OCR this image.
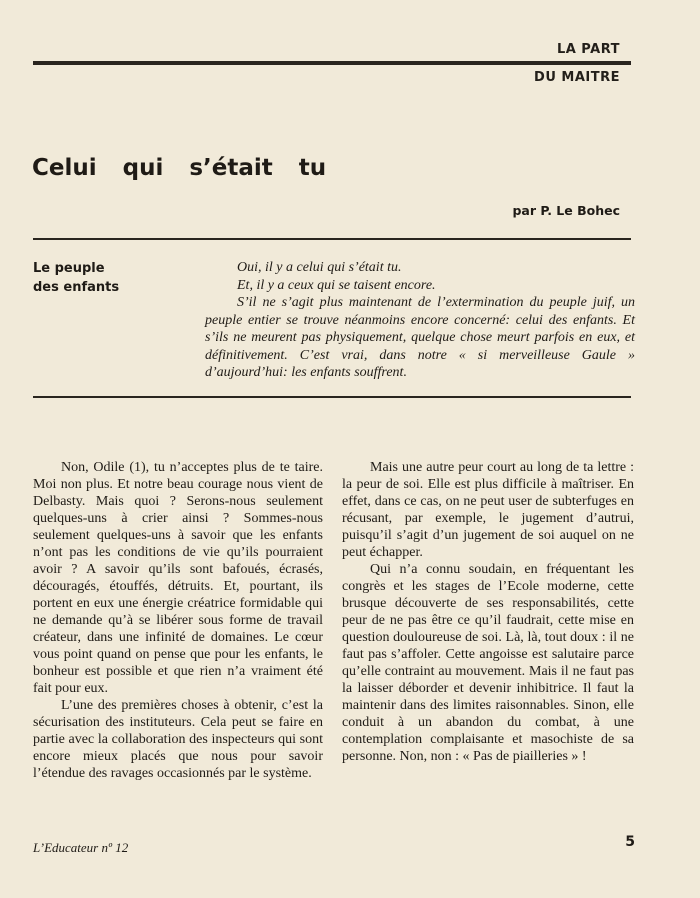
LA PART
DU MAITRE
Celui qui s’était tu
par P. Le Bohec
Le peuple
des enfants

Oui, il y a celui qui s’était tu.

Et, il y a ceux qui se taisent encore.

S’il ne s’agit plus maintenant de l’extermination du peuple juif, un peuple entier se trouve néanmoins encore concerné: celui des enfants. Et s’ils ne meurent pas physiquement, quelque chose meurt parfois en eux, et définitivement. C’est vrai, dans notre « si merveilleuse Gaule » d’aujourd’hui: les enfants souffrent.

Non, Odile (1), tu n’acceptes plus de te taire. Moi non plus. Et notre beau courage nous vient de Delbasty. Mais quoi ? Serons-nous seulement quelques-uns à crier ainsi ? Sommes-nous seulement quelques-uns à savoir que les enfants n’ont pas les conditions de vie qu’ils pourraient avoir ? A savoir qu’ils sont bafoués, écrasés, découragés, étouffés, détruits. Et, pourtant, ils portent en eux une énergie créatrice formidable qui ne demande qu’à se libérer sous forme de travail créateur, dans une infinité de domaines. Le cœur vous point quand on pense que pour les enfants, le bonheur est possible et que rien n’a vraiment été fait pour eux.

L’une des premières choses à obtenir, c’est la sécurisation des instituteurs. Cela peut se faire en partie avec la collaboration des inspecteurs qui sont encore mieux placés que nous pour savoir l’étendue des ravages occasionnés par le système.

Mais une autre peur court au long de ta lettre : la peur de soi. Elle est plus difficile à maîtriser. En effet, dans ce cas, on ne peut user de subterfuges en récusant, par exemple, le jugement d’autrui, puisqu’il s’agit d’un jugement de soi auquel on ne peut échapper.

Qui n’a connu soudain, en fréquentant les congrès et les stages de l’Ecole moderne, cette brusque découverte de ses responsabilités, cette peur de ne pas être ce qu’il faudrait, cette mise en question douloureuse de soi. Là, là, tout doux : il ne faut pas s’affoler. Cette angoisse est salutaire parce qu’elle contraint au mouvement. Mais il ne faut pas la laisser déborder et devenir inhibitrice. Il faut la maintenir dans des limites raisonnables. Sinon, elle conduit à un abandon du combat, à une contemplation complaisante et masochiste de sa personne. Non, non : « Pas de piailleries » !

L’Educateur nº 12	5
